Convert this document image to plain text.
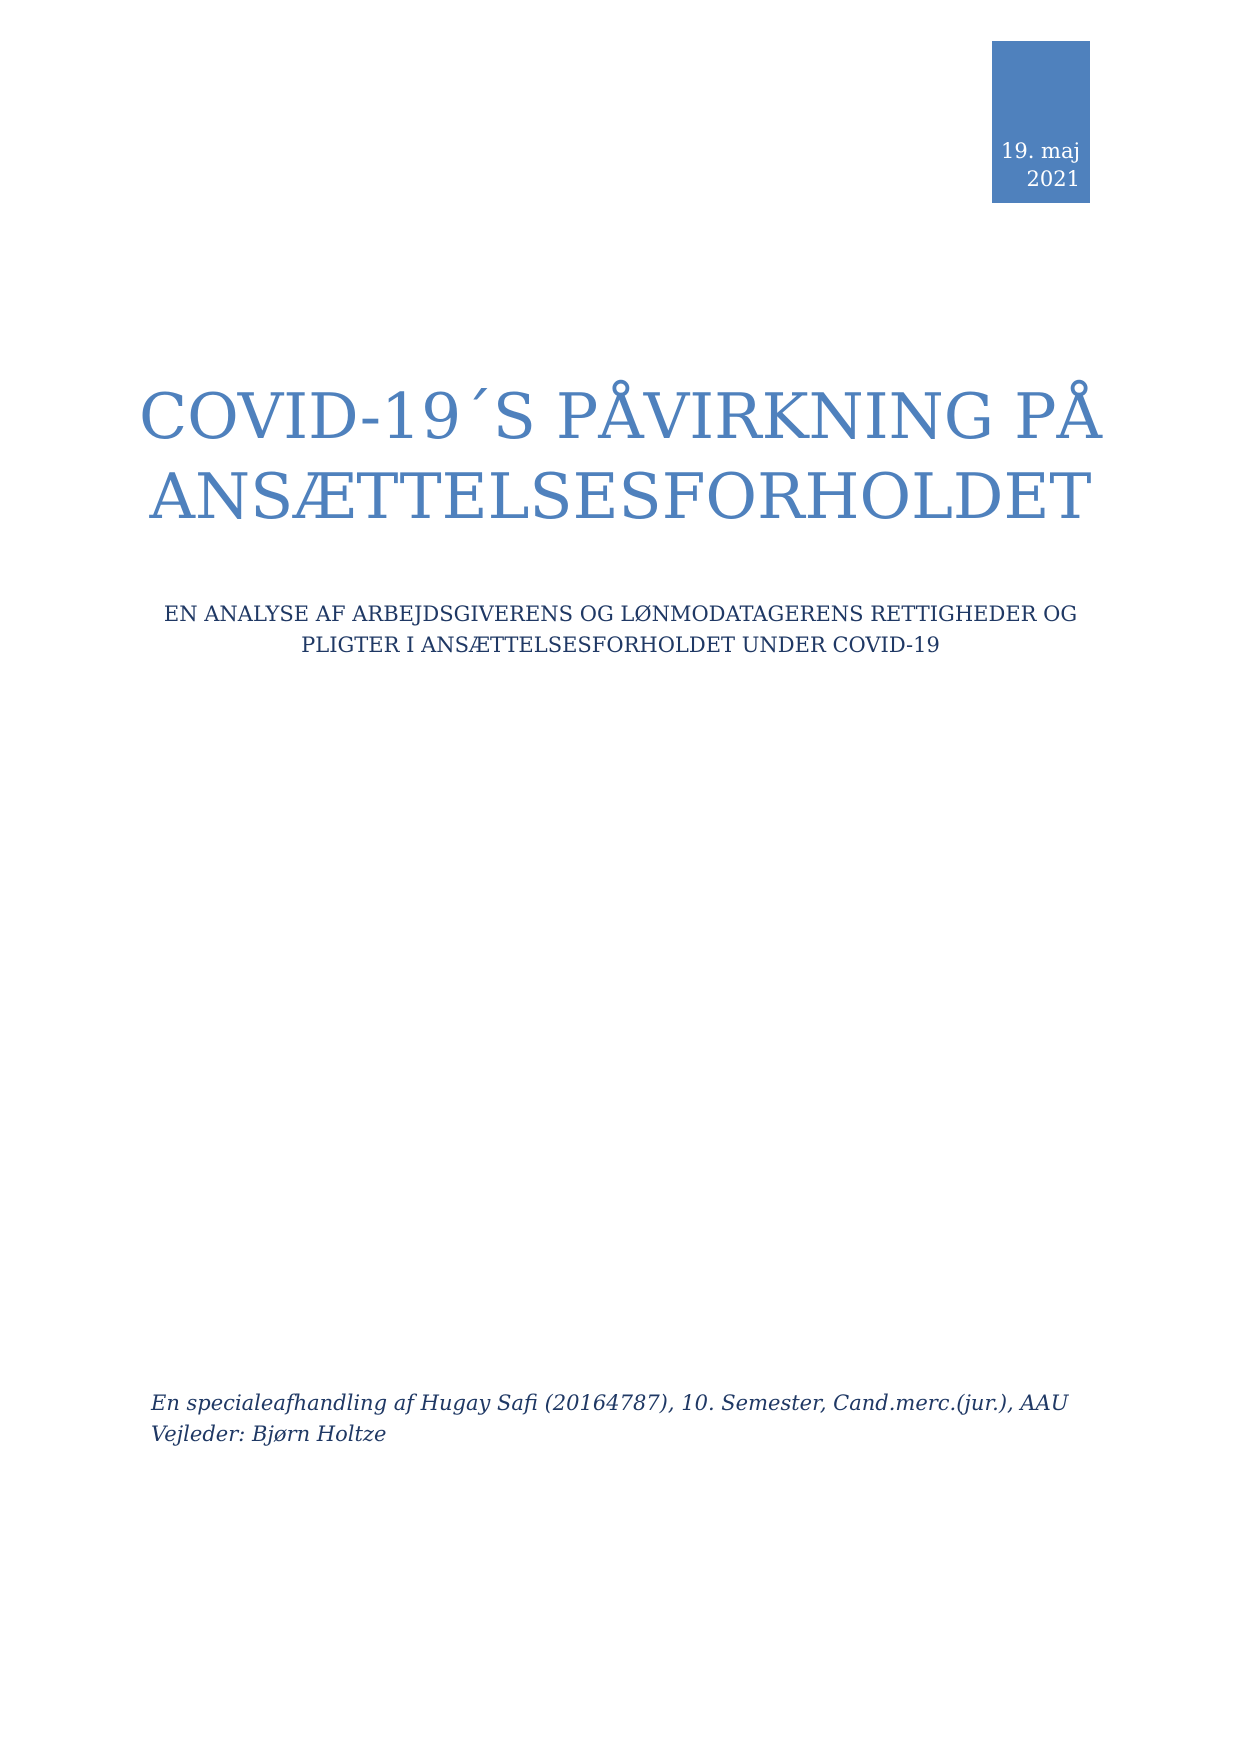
19. maj
2021
COVID-19´S PÅVIRKNING PÅ
ANSÆTTELSESFORHOLDET

EN ANALYSE AF ARBEJDSGIVERENS OG LØNMODATAGERENS RETTIGHEDER OG
PLIGTER I ANSÆTTELSESFORHOLDET UNDER COVID-19

En specialeafhandling af Hugay Safi (20164787), 10. Semester, Cand.merc.(jur.), AAU
Vejleder: Bjørn Holtze
